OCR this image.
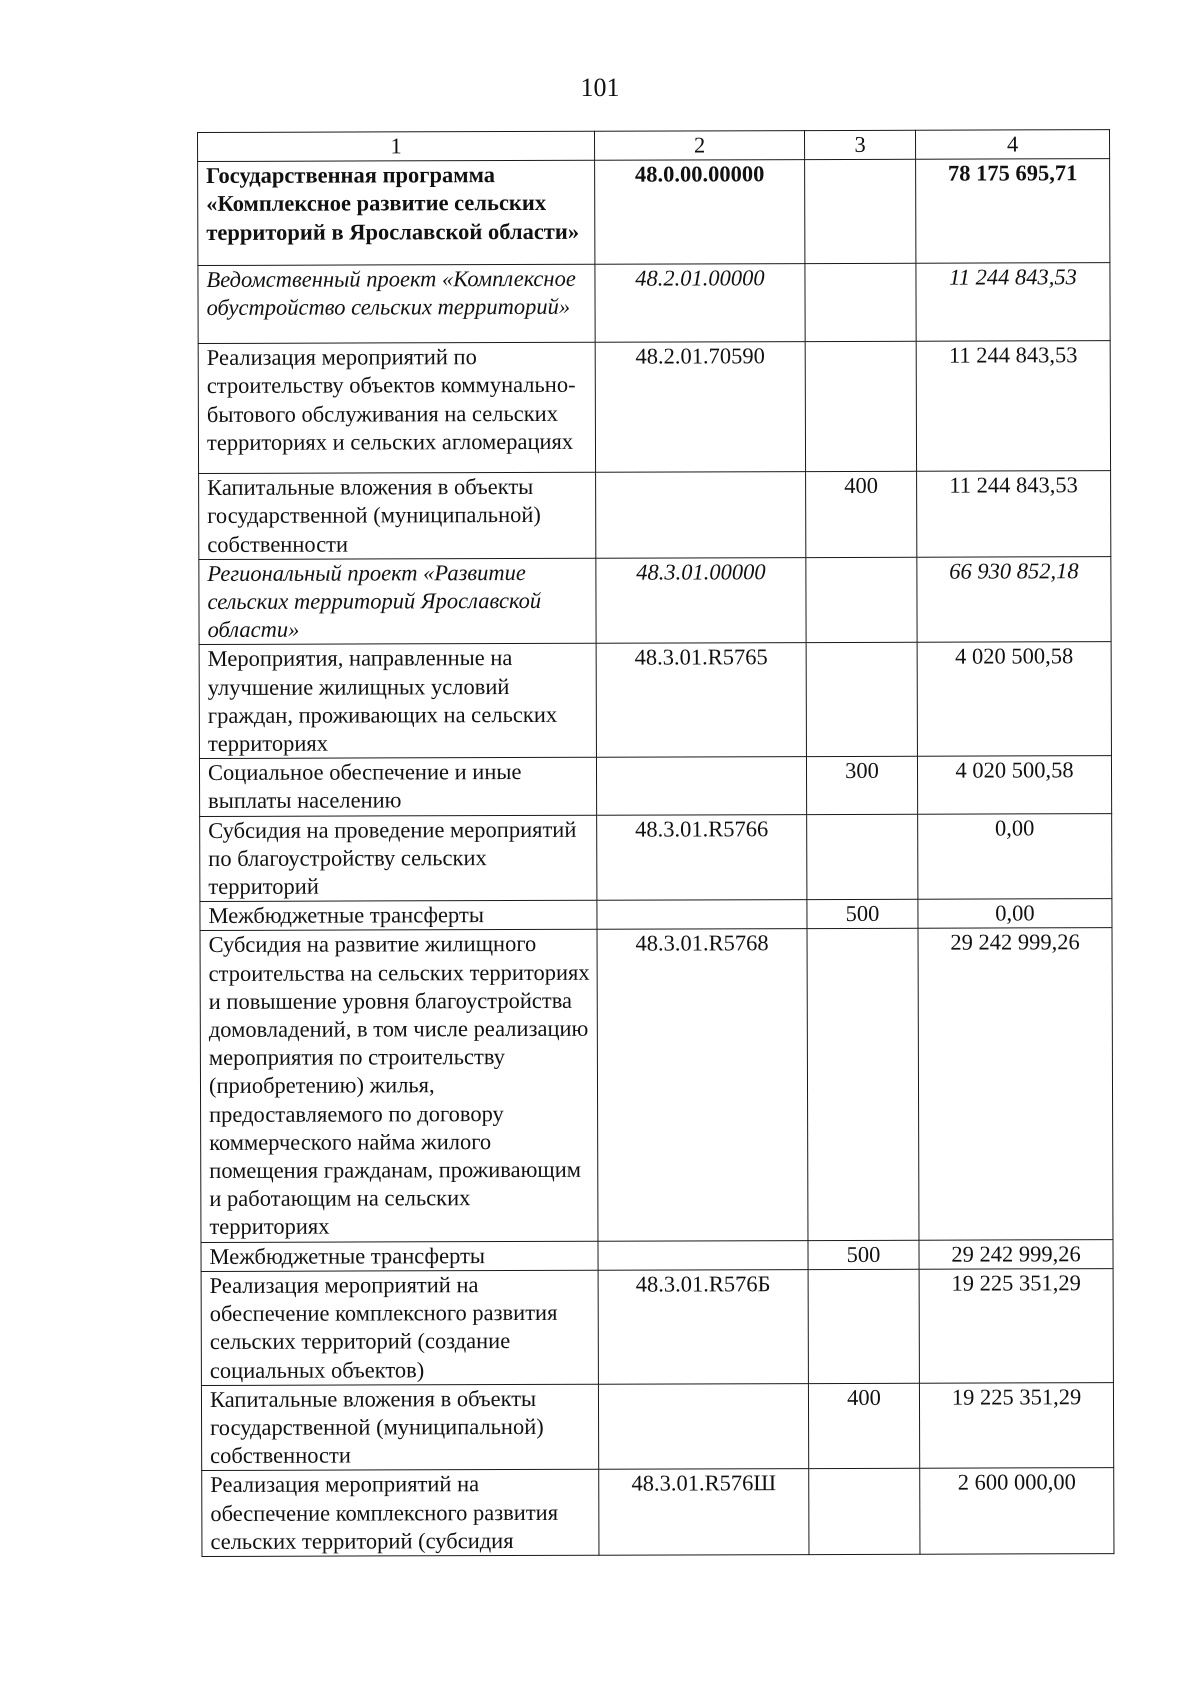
101
1	2	3	4
Государственная программа «Комплексное развитие сельских территорий в Ярославской области»	48.0.00.00000		78 175 695,71
Ведомственный проект «Комплексное обустройство сельских территорий»	48.2.01.00000		11 244 843,53
Реализация мероприятий по строительству объектов коммунально-бытового обслуживания на сельских территориях и сельских агломерациях	48.2.01.70590		11 244 843,53
Капитальные вложения в объекты государственной (муниципальной) собственности		400	11 244 843,53
Региональный проект «Развитие сельских территорий Ярославской области»	48.3.01.00000		66 930 852,18
Мероприятия, направленные на улучшение жилищных условий граждан, проживающих на сельских территориях	48.3.01.R5765		4 020 500,58
Социальное обеспечение и иные выплаты населению		300	4 020 500,58
Субсидия на проведение мероприятий по благоустройству сельских территорий	48.3.01.R5766		0,00
Межбюджетные трансферты		500	0,00
Субсидия на развитие жилищного строительства на сельских территориях и повышение уровня благоустройства домовладений, в том числе реализацию мероприятия по строительству (приобретению) жилья, предоставляемого по договору коммерческого найма жилого помещения гражданам, проживающим и работающим на сельских территориях	48.3.01.R5768		29 242 999,26
Межбюджетные трансферты		500	29 242 999,26
Реализация мероприятий на обеспечение комплексного развития сельских территорий (создание социальных объектов)	48.3.01.R576Б		19 225 351,29
Капитальные вложения в объекты государственной (муниципальной) собственности		400	19 225 351,29
Реализация мероприятий на обеспечение комплексного развития сельских территорий (субсидия	48.3.01.R576Ш		2 600 000,00
